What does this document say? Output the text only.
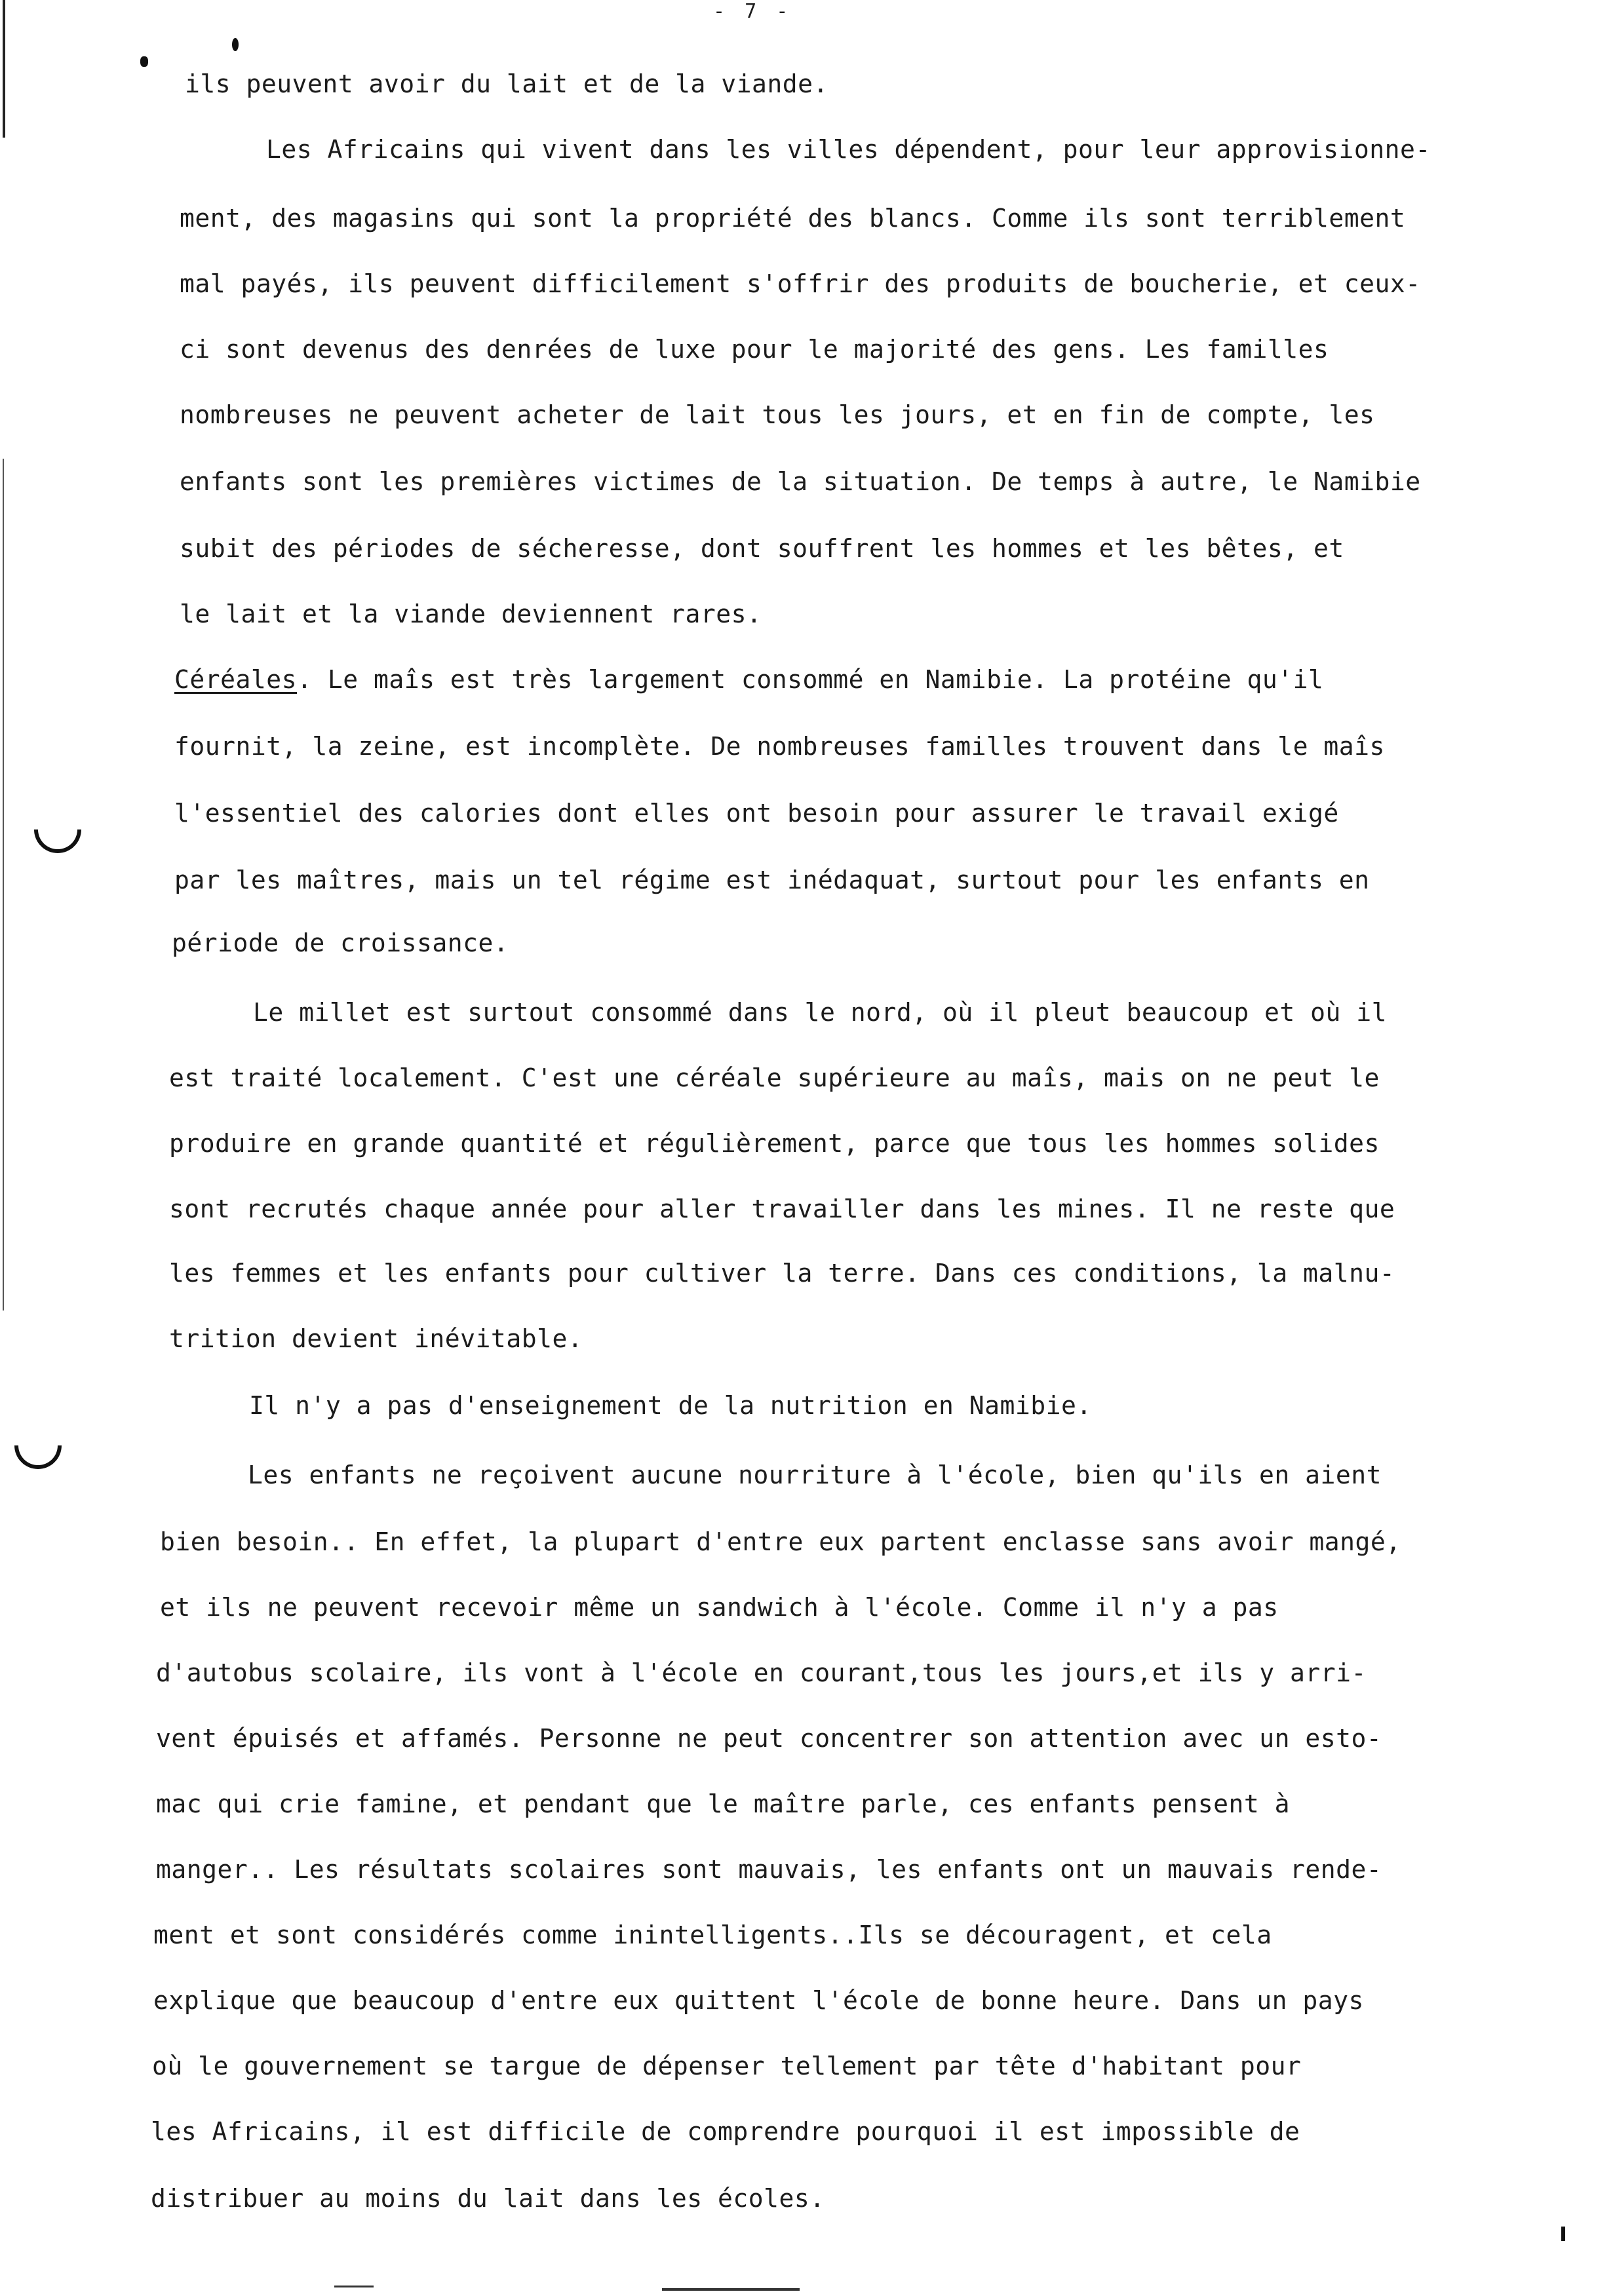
- 7 -
ils peuvent avoir du lait et de la viande.
Les Africains qui vivent dans les villes dépendent, pour leur approvisionne-
ment, des magasins qui sont la propriété des blancs. Comme ils sont terriblement
mal payés, ils peuvent difficilement s'offrir des produits de boucherie, et ceux-
ci sont devenus des denrées de luxe pour le majorité des gens. Les familles
nombreuses ne peuvent acheter de lait tous les jours, et en fin de compte, les
enfants sont les premières victimes de la situation. De temps à autre, le Namibie
subit des périodes de sécheresse, dont souffrent les hommes et les bêtes, et
le lait et la viande deviennent rares.
Céréales. Le maîs est très largement consommé en Namibie. La protéine qu'il
fournit, la zeine, est incomplète. De nombreuses familles trouvent dans le maîs
l'essentiel des calories dont elles ont besoin pour assurer le travail exigé
par les maîtres, mais un tel régime est inédaquat, surtout pour les enfants en
période de croissance.
Le millet est surtout consommé dans le nord, où il pleut beaucoup et où il
est traité localement. C'est une céréale supérieure au maîs, mais on ne peut le
produire en grande quantité et régulièrement, parce que tous les hommes solides
sont recrutés chaque année pour aller travailler dans les mines. Il ne reste que
les femmes et les enfants pour cultiver la terre. Dans ces conditions, la malnu-
trition devient inévitable.
Il n'y a pas d'enseignement de la nutrition en Namibie.
Les enfants ne reçoivent aucune nourriture à l'école, bien qu'ils en aient
bien besoin.. En effet, la plupart d'entre eux partent enclasse sans avoir mangé,
et ils ne peuvent recevoir même un sandwich à l'école. Comme il n'y a pas
d'autobus scolaire, ils vont à l'école en courant,tous les jours,et ils y arri-
vent épuisés et affamés. Personne ne peut concentrer son attention avec un esto-
mac qui crie famine, et pendant que le maître parle, ces enfants pensent à
manger.. Les résultats scolaires sont mauvais, les enfants ont un mauvais rende-
ment et sont considérés comme inintelligents..Ils se découragent, et cela
explique que beaucoup d'entre eux quittent l'école de bonne heure. Dans un pays
où le gouvernement se targue de dépenser tellement par tête d'habitant pour
les Africains, il est difficile de comprendre pourquoi il est impossible de
distribuer au moins du lait dans les écoles.
